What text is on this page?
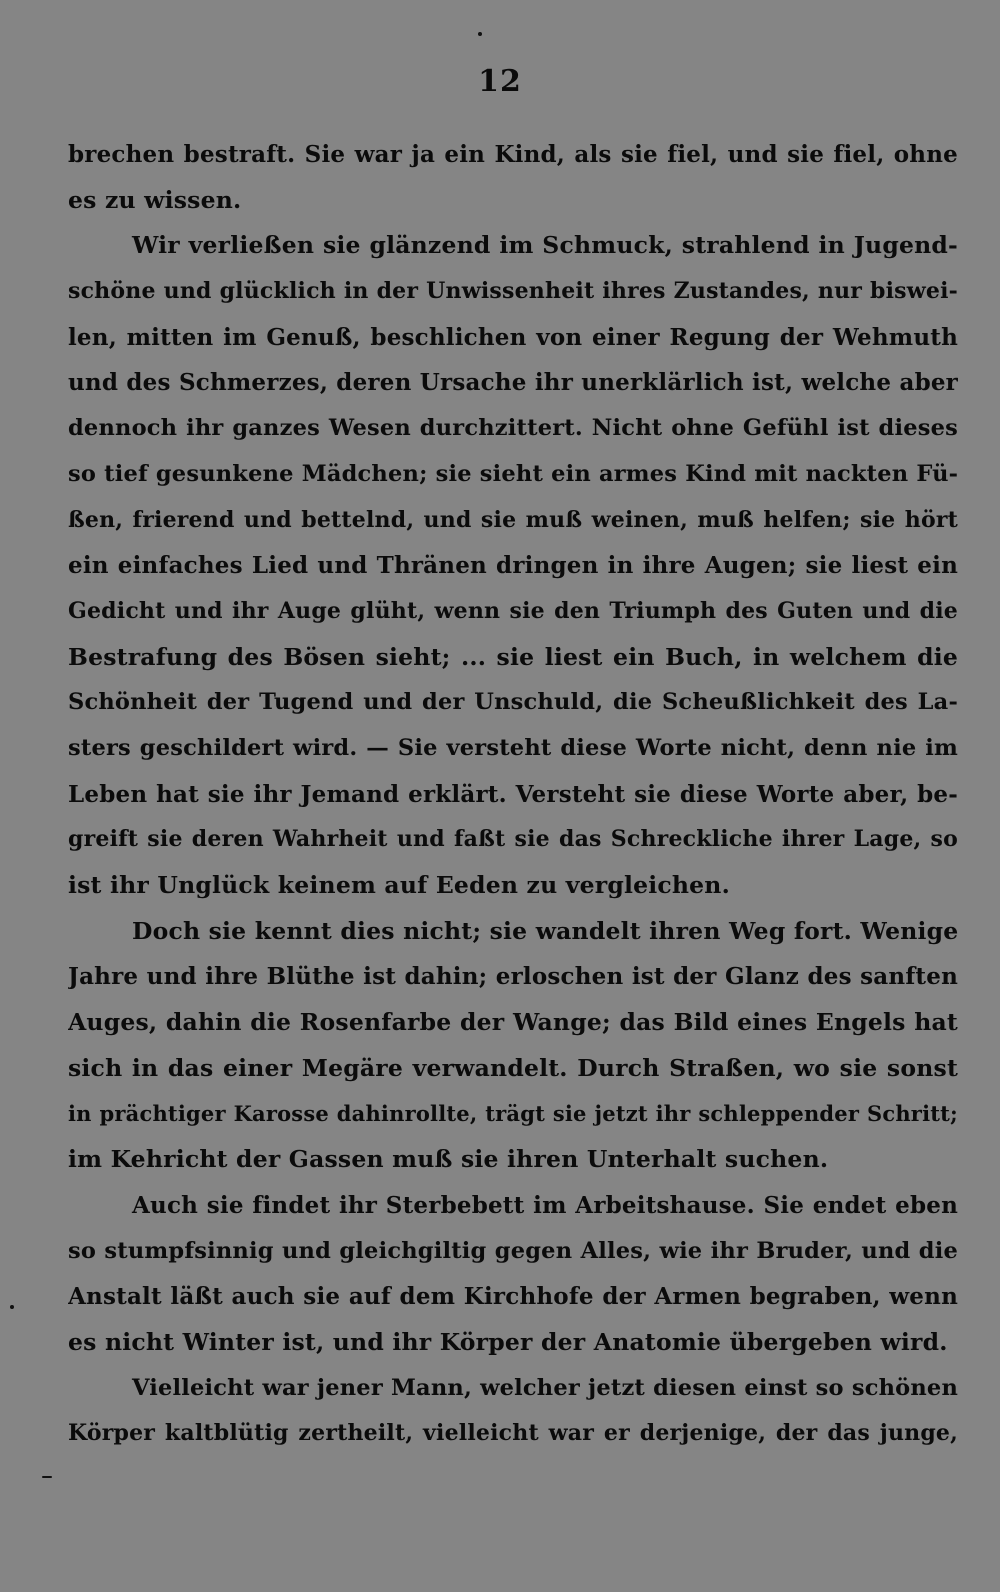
12
brechen bestraft. Sie war ja ein Kind, als sie fiel, und sie fiel, ohne
es zu wissen.
Wir verließen sie glänzend im Schmuck, strahlend in Jugend-
schöne und glücklich in der Unwissenheit ihres Zustandes, nur biswei-
len, mitten im Genuß, beschlichen von einer Regung der Wehmuth
und des Schmerzes, deren Ursache ihr unerklärlich ist, welche aber
dennoch ihr ganzes Wesen durchzittert. Nicht ohne Gefühl ist dieses
so tief gesunkene Mädchen; sie sieht ein armes Kind mit nackten Fü-
ßen, frierend und bettelnd, und sie muß weinen, muß helfen; sie hört
ein einfaches Lied und Thränen dringen in ihre Augen; sie liest ein
Gedicht und ihr Auge glüht, wenn sie den Triumph des Guten und die
Bestrafung des Bösen sieht; ... sie liest ein Buch, in welchem die
Schönheit der Tugend und der Unschuld, die Scheußlichkeit des La-
sters geschildert wird. — Sie versteht diese Worte nicht, denn nie im
Leben hat sie ihr Jemand erklärt. Versteht sie diese Worte aber, be-
greift sie deren Wahrheit und faßt sie das Schreckliche ihrer Lage, so
ist ihr Unglück keinem auf Eeden zu vergleichen.
Doch sie kennt dies nicht; sie wandelt ihren Weg fort. Wenige
Jahre und ihre Blüthe ist dahin; erloschen ist der Glanz des sanften
Auges, dahin die Rosenfarbe der Wange; das Bild eines Engels hat
sich in das einer Megäre verwandelt. Durch Straßen, wo sie sonst
in prächtiger Karosse dahinrollte, trägt sie jetzt ihr schleppender Schritt;
im Kehricht der Gassen muß sie ihren Unterhalt suchen.
Auch sie findet ihr Sterbebett im Arbeitshause. Sie endet eben
so stumpfsinnig und gleichgiltig gegen Alles, wie ihr Bruder, und die
Anstalt läßt auch sie auf dem Kirchhofe der Armen begraben, wenn
es nicht Winter ist, und ihr Körper der Anatomie übergeben wird.
Vielleicht war jener Mann, welcher jetzt diesen einst so schönen
Körper kaltblütig zertheilt, vielleicht war er derjenige, der das junge,
